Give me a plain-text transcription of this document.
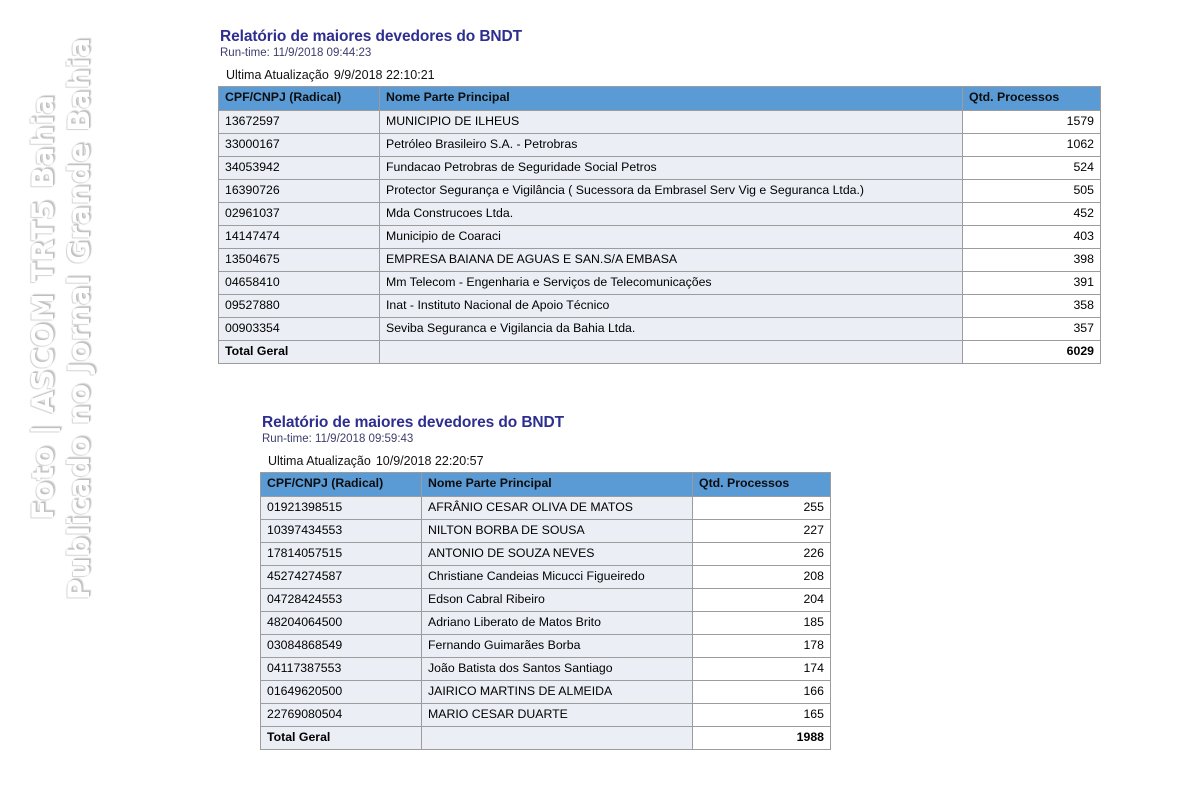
Foto | ASCOM TRT5 Bahia Publicado no Jornal Grande Bahia
Relatório de maiores devedores do BNDT
Run-time: 11/9/2018 09:44:23
Ultima Atualização 9/9/2018 22:10:21
CPF/CNPJ (Radical)	Nome Parte Principal	Qtd. Processos
13672597	MUNICIPIO DE ILHEUS	1579
33000167	Petróleo Brasileiro S.A. - Petrobras	1062
34053942	Fundacao Petrobras de Seguridade Social Petros	524
16390726	Protector Segurança e Vigilância ( Sucessora da Embrasel Serv Vig e Seguranca Ltda.)	505
02961037	Mda Construcoes Ltda.	452
14147474	Municipio de Coaraci	403
13504675	EMPRESA BAIANA DE AGUAS E SAN.S/A EMBASA	398
04658410	Mm Telecom - Engenharia e Serviços de Telecomunicações	391
09527880	Inat - Instituto Nacional de Apoio Técnico	358
00903354	Seviba Seguranca e Vigilancia da Bahia Ltda.	357
Total Geral		6029
Relatório de maiores devedores do BNDT
Run-time: 11/9/2018 09:59:43
Ultima Atualização 10/9/2018 22:20:57
CPF/CNPJ (Radical)	Nome Parte Principal	Qtd. Processos
01921398515	AFRÂNIO CESAR OLIVA DE MATOS	255
10397434553	NILTON BORBA DE SOUSA	227
17814057515	ANTONIO DE SOUZA NEVES	226
45274274587	Christiane Candeias Micucci Figueiredo	208
04728424553	Edson Cabral Ribeiro	204
48204064500	Adriano Liberato de Matos Brito	185
03084868549	Fernando Guimarães Borba	178
04117387553	João Batista dos Santos Santiago	174
01649620500	JAIRICO MARTINS DE ALMEIDA	166
22769080504	MARIO CESAR DUARTE	165
Total Geral		1988
